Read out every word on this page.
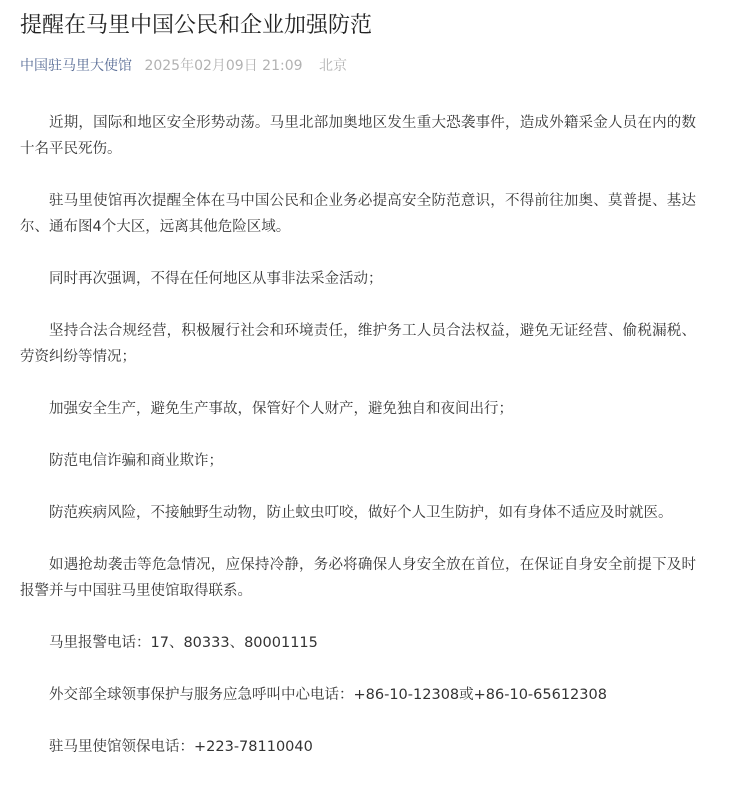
提醒在马里中国公民和企业加强防范
中国驻马里大使馆 2025年02月09日 21:09 北京

近期，国际和地区安全形势动荡。马里北部加奥地区发生重大恐袭事件，造成外籍采金人员在内的数十名平民死伤。

驻马里使馆再次提醒全体在马中国公民和企业务必提高安全防范意识，不得前往加奥、莫普提、基达尔、通布图4个大区，远离其他危险区域。

同时再次强调，不得在任何地区从事非法采金活动；

坚持合法合规经营，积极履行社会和环境责任，维护务工人员合法权益，避免无证经营、偷税漏税、劳资纠纷等情况；

加强安全生产，避免生产事故，保管好个人财产，避免独自和夜间出行；

防范电信诈骗和商业欺诈；

防范疾病风险，不接触野生动物，防止蚊虫叮咬，做好个人卫生防护，如有身体不适应及时就医。

如遇抢劫袭击等危急情况，应保持冷静，务必将确保人身安全放在首位，在保证自身安全前提下及时报警并与中国驻马里使馆取得联系。

马里报警电话：17、80333、80001115

外交部全球领事保护与服务应急呼叫中心电话：+86-10-12308或+86-10-65612308

驻马里使馆领保电话：+223-78110040
